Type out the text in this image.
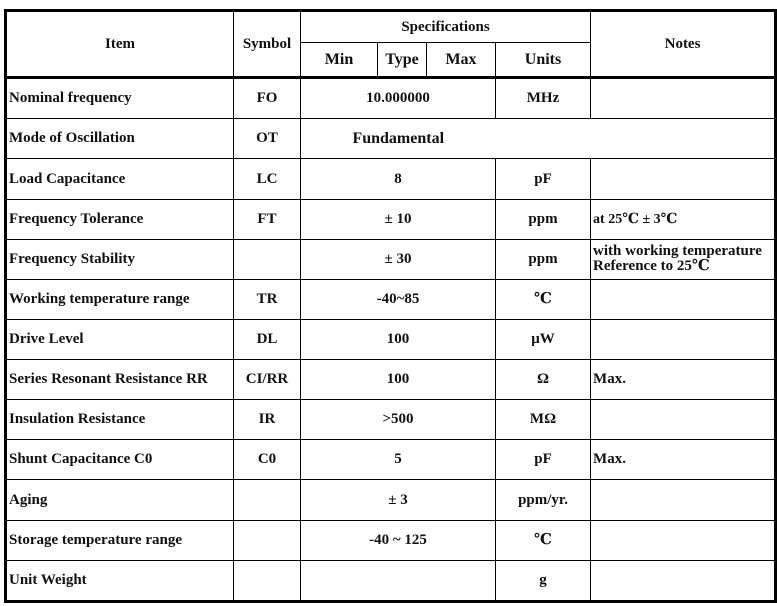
Item	Symbol	Specifications				Notes
		Min	Type	Max	Units	
Nominal frequency	FO	10.000000			MHz	
Mode of Oscillation	OT	Fundamental				
Load Capacitance	LC	8			pF	
Frequency Tolerance	FT	± 10			ppm	at 25℃ ± 3℃
Frequency Stability		± 30			ppm	with working temperature
Reference to 25℃

Working temperature range	TR	-40~85			℃	
Drive Level	DL	100			μW	
Series Resonant Resistance RR	CI/RR	100			Ω	Max.
Insulation Resistance	IR	>500			MΩ	
Shunt Capacitance C0	C0	5			pF	Max.
Aging		± 3			ppm/yr.	
Storage temperature range		-40 ~ 125			℃	
Unit Weight					g	
